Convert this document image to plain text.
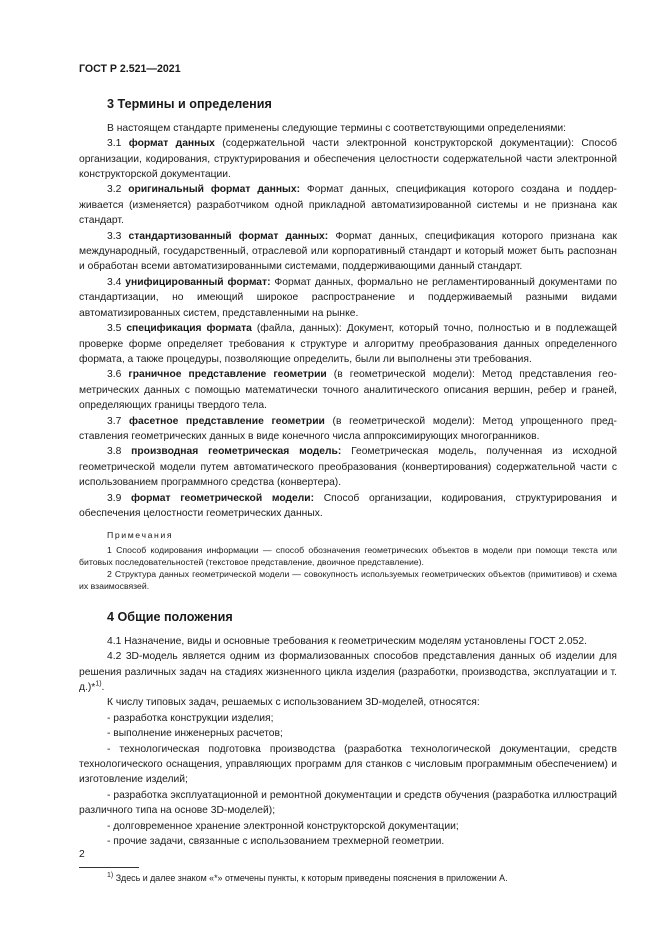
ГОСТ Р 2.521—2021
3 Термины и определения

В настоящем стандарте применены следующие термины с соответствующими определениями:

3.1 формат данных (содержательной части электронной конструкторской документации): Способ организации, кодирования, структурирования и обеспечения целостности содержательной части электронной конструкторской документации.

3.2 оригинальный формат данных: Формат данных, спецификация которого создана и поддерживается (изменяется) разработчиком одной прикладной автоматизированной системы и не признана как стандарт.

3.3 стандартизованный формат данных: Формат данных, спецификация которого признана как международный, государственный, отраслевой или корпоративный стандарт и который может быть распознан и обработан всеми автоматизированными системами, поддерживающими данный стандарт.

3.4 унифицированный формат: Формат данных, формально не регламентированный документами по стандартизации, но имеющий широкое распространение и поддерживаемый разными видами автоматизированных систем, представленными на рынке.

3.5 спецификация формата (файла, данных): Документ, который точно, полностью и в подлежащей проверке форме определяет требования к структуре и алгоритму преобразования данных определенного формата, а также процедуры, позволяющие определить, были ли выполнены эти требования.

3.6 граничное представление геометрии (в геометрической модели): Метод представления геометрических данных с помощью математически точного аналитического описания вершин, ребер и граней, определяющих границы твердого тела.

3.7 фасетное представление геометрии (в геометрической модели): Метод упрощенного представления геометрических данных в виде конечного числа аппроксимирующих многогранников.

3.8 производная геометрическая модель: Геометрическая модель, полученная из исходной геометрической модели путем автоматического преобразования (конвертирования) содержательной части с использованием программного средства (конвертера).

3.9 формат геометрической модели: Способ организации, кодирования, структурирования и обеспечения целостности геометрических данных.

Примечания

1 Способ кодирования информации — способ обозначения геометрических объектов в модели при помощи текста или битовых последовательностей (текстовое представление, двоичное представление).

2 Структура данных геометрической модели — совокупность используемых геометрических объектов (примитивов) и схема их взаимосвязей.

4 Общие положения

4.1 Назначение, виды и основные требования к геометрическим моделям установлены ГОСТ 2.052.

4.2 3D-модель является одним из формализованных способов представления данных об изделии для решения различных задач на стадиях жизненного цикла изделия (разработки, производства, эксплуатации и т. д.)*$^{1)}$.

К числу типовых задач, решаемых с использованием 3D-моделей, относятся:

- разработка конструкции изделия;

- выполнение инженерных расчетов;

- технологическая подготовка производства (разработка технологической документации, средств технологического оснащения, управляющих программ для станков с числовым программным обеспечением) и изготовление изделий;

- разработка эксплуатационной и ремонтной документации и средств обучения (разработка иллюстраций различного типа на основе 3D-моделей);

- долговременное хранение электронной конструкторской документации;

- прочие задачи, связанные с использованием трехмерной геометрии.

$^{1)}$ Здесь и далее знаком «*» отмечены пункты, к которым приведены пояснения в приложении А.

2
